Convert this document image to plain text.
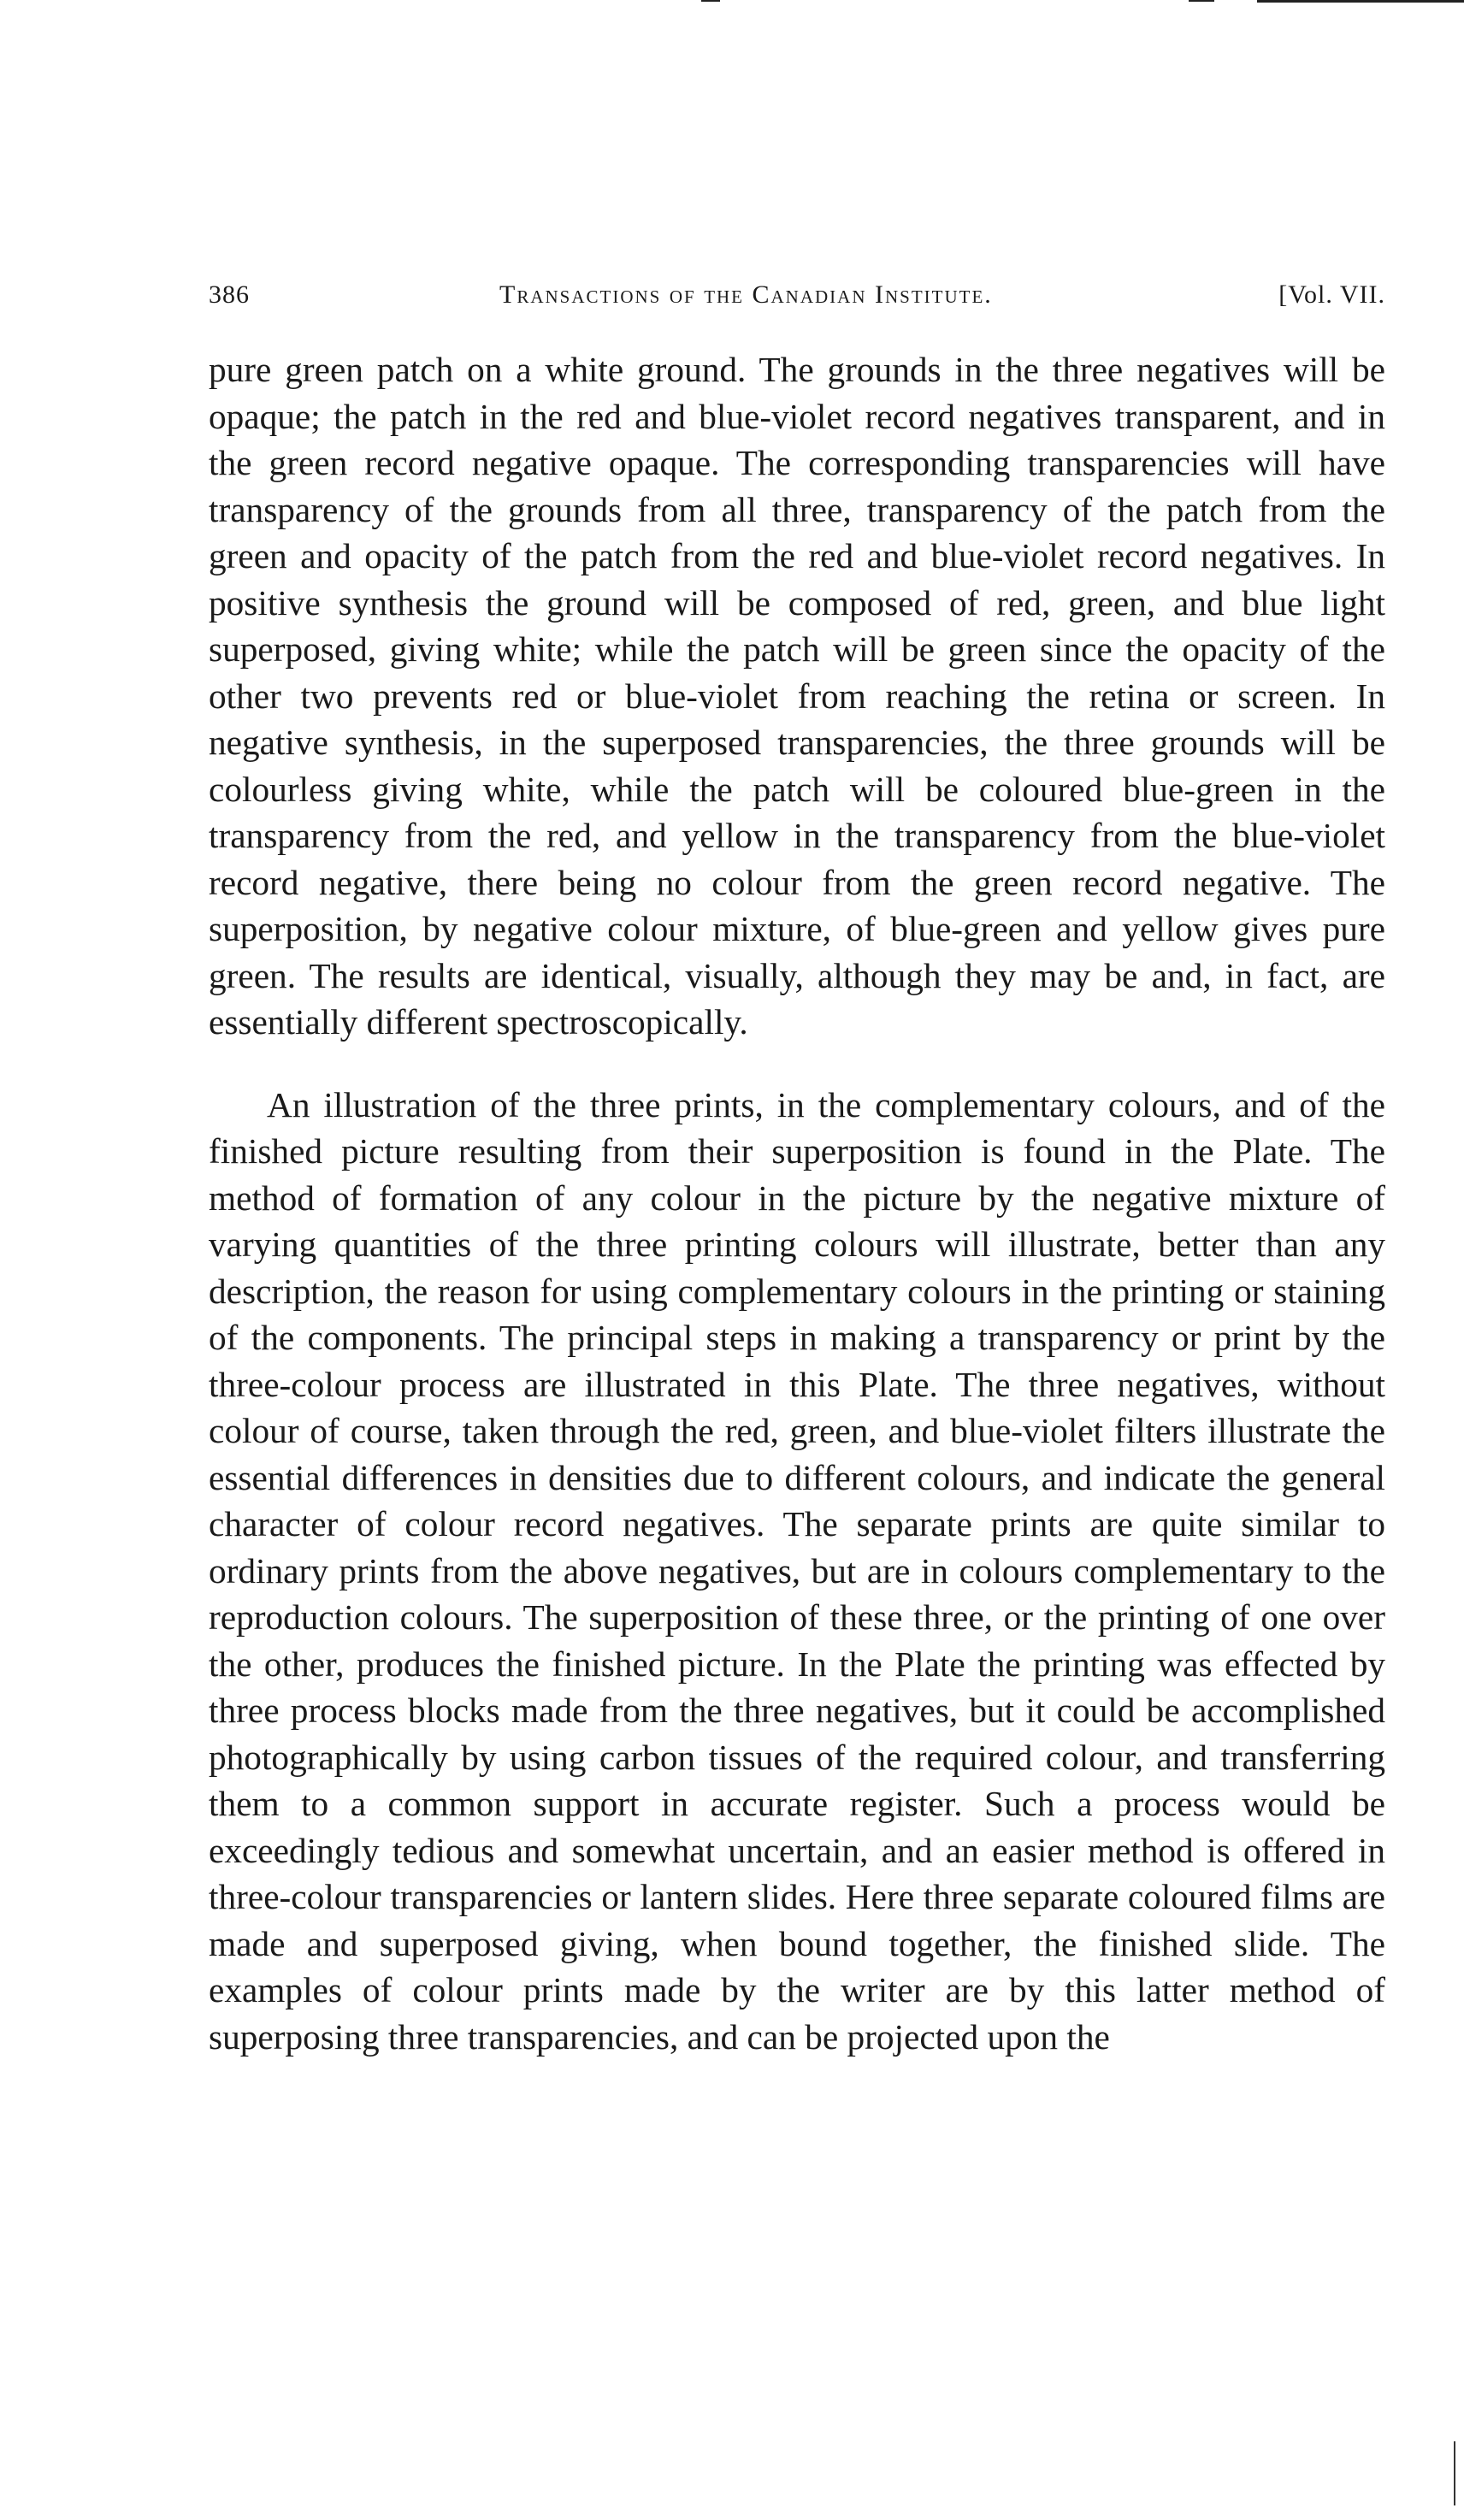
386	Transactions of the Canadian Institute.	[Vol. VII.

pure green patch on a white ground. The grounds in the three negatives will be opaque; the patch in the red and blue-violet record negatives transparent, and in the green record negative opaque. The corresponding transparencies will have transparency of the grounds from all three, transparency of the patch from the green and opacity of the patch from the red and blue-violet record negatives. In positive synthesis the ground will be composed of red, green, and blue light superposed, giving white; while the patch will be green since the opacity of the other two prevents red or blue-violet from reaching the retina or screen. In negative synthesis, in the superposed transparencies, the three grounds will be colourless giving white, while the patch will be coloured blue-green in the transparency from the red, and yellow in the transparency from the blue-violet record negative, there being no colour from the green record negative. The superposition, by negative colour mixture, of blue-green and yellow gives pure green. The results are identical, visually, although they may be and, in fact, are essentially different spectroscopically.

An illustration of the three prints, in the complementary colours, and of the finished picture resulting from their superposition is found in the Plate. The method of formation of any colour in the picture by the negative mixture of varying quantities of the three printing colours will illustrate, better than any description, the reason for using complementary colours in the printing or staining of the components. The principal steps in making a transparency or print by the three-colour process are illustrated in this Plate. The three negatives, without colour of course, taken through the red, green, and blue-violet filters illustrate the essential differences in densities due to different colours, and indicate the general character of colour record negatives. The separate prints are quite similar to ordinary prints from the above negatives, but are in colours complementary to the reproduction colours. The superposition of these three, or the printing of one over the other, produces the finished picture. In the Plate the printing was effected by three process blocks made from the three negatives, but it could be accomplished photographically by using carbon tissues of the required colour, and transferring them to a common support in accurate register. Such a process would be exceedingly tedious and somewhat uncertain, and an easier method is offered in three-colour transparencies or lantern slides. Here three separate coloured films are made and superposed giving, when bound together, the finished slide. The examples of colour prints made by the writer are by this latter method of superposing three transparencies, and can be projected upon the
